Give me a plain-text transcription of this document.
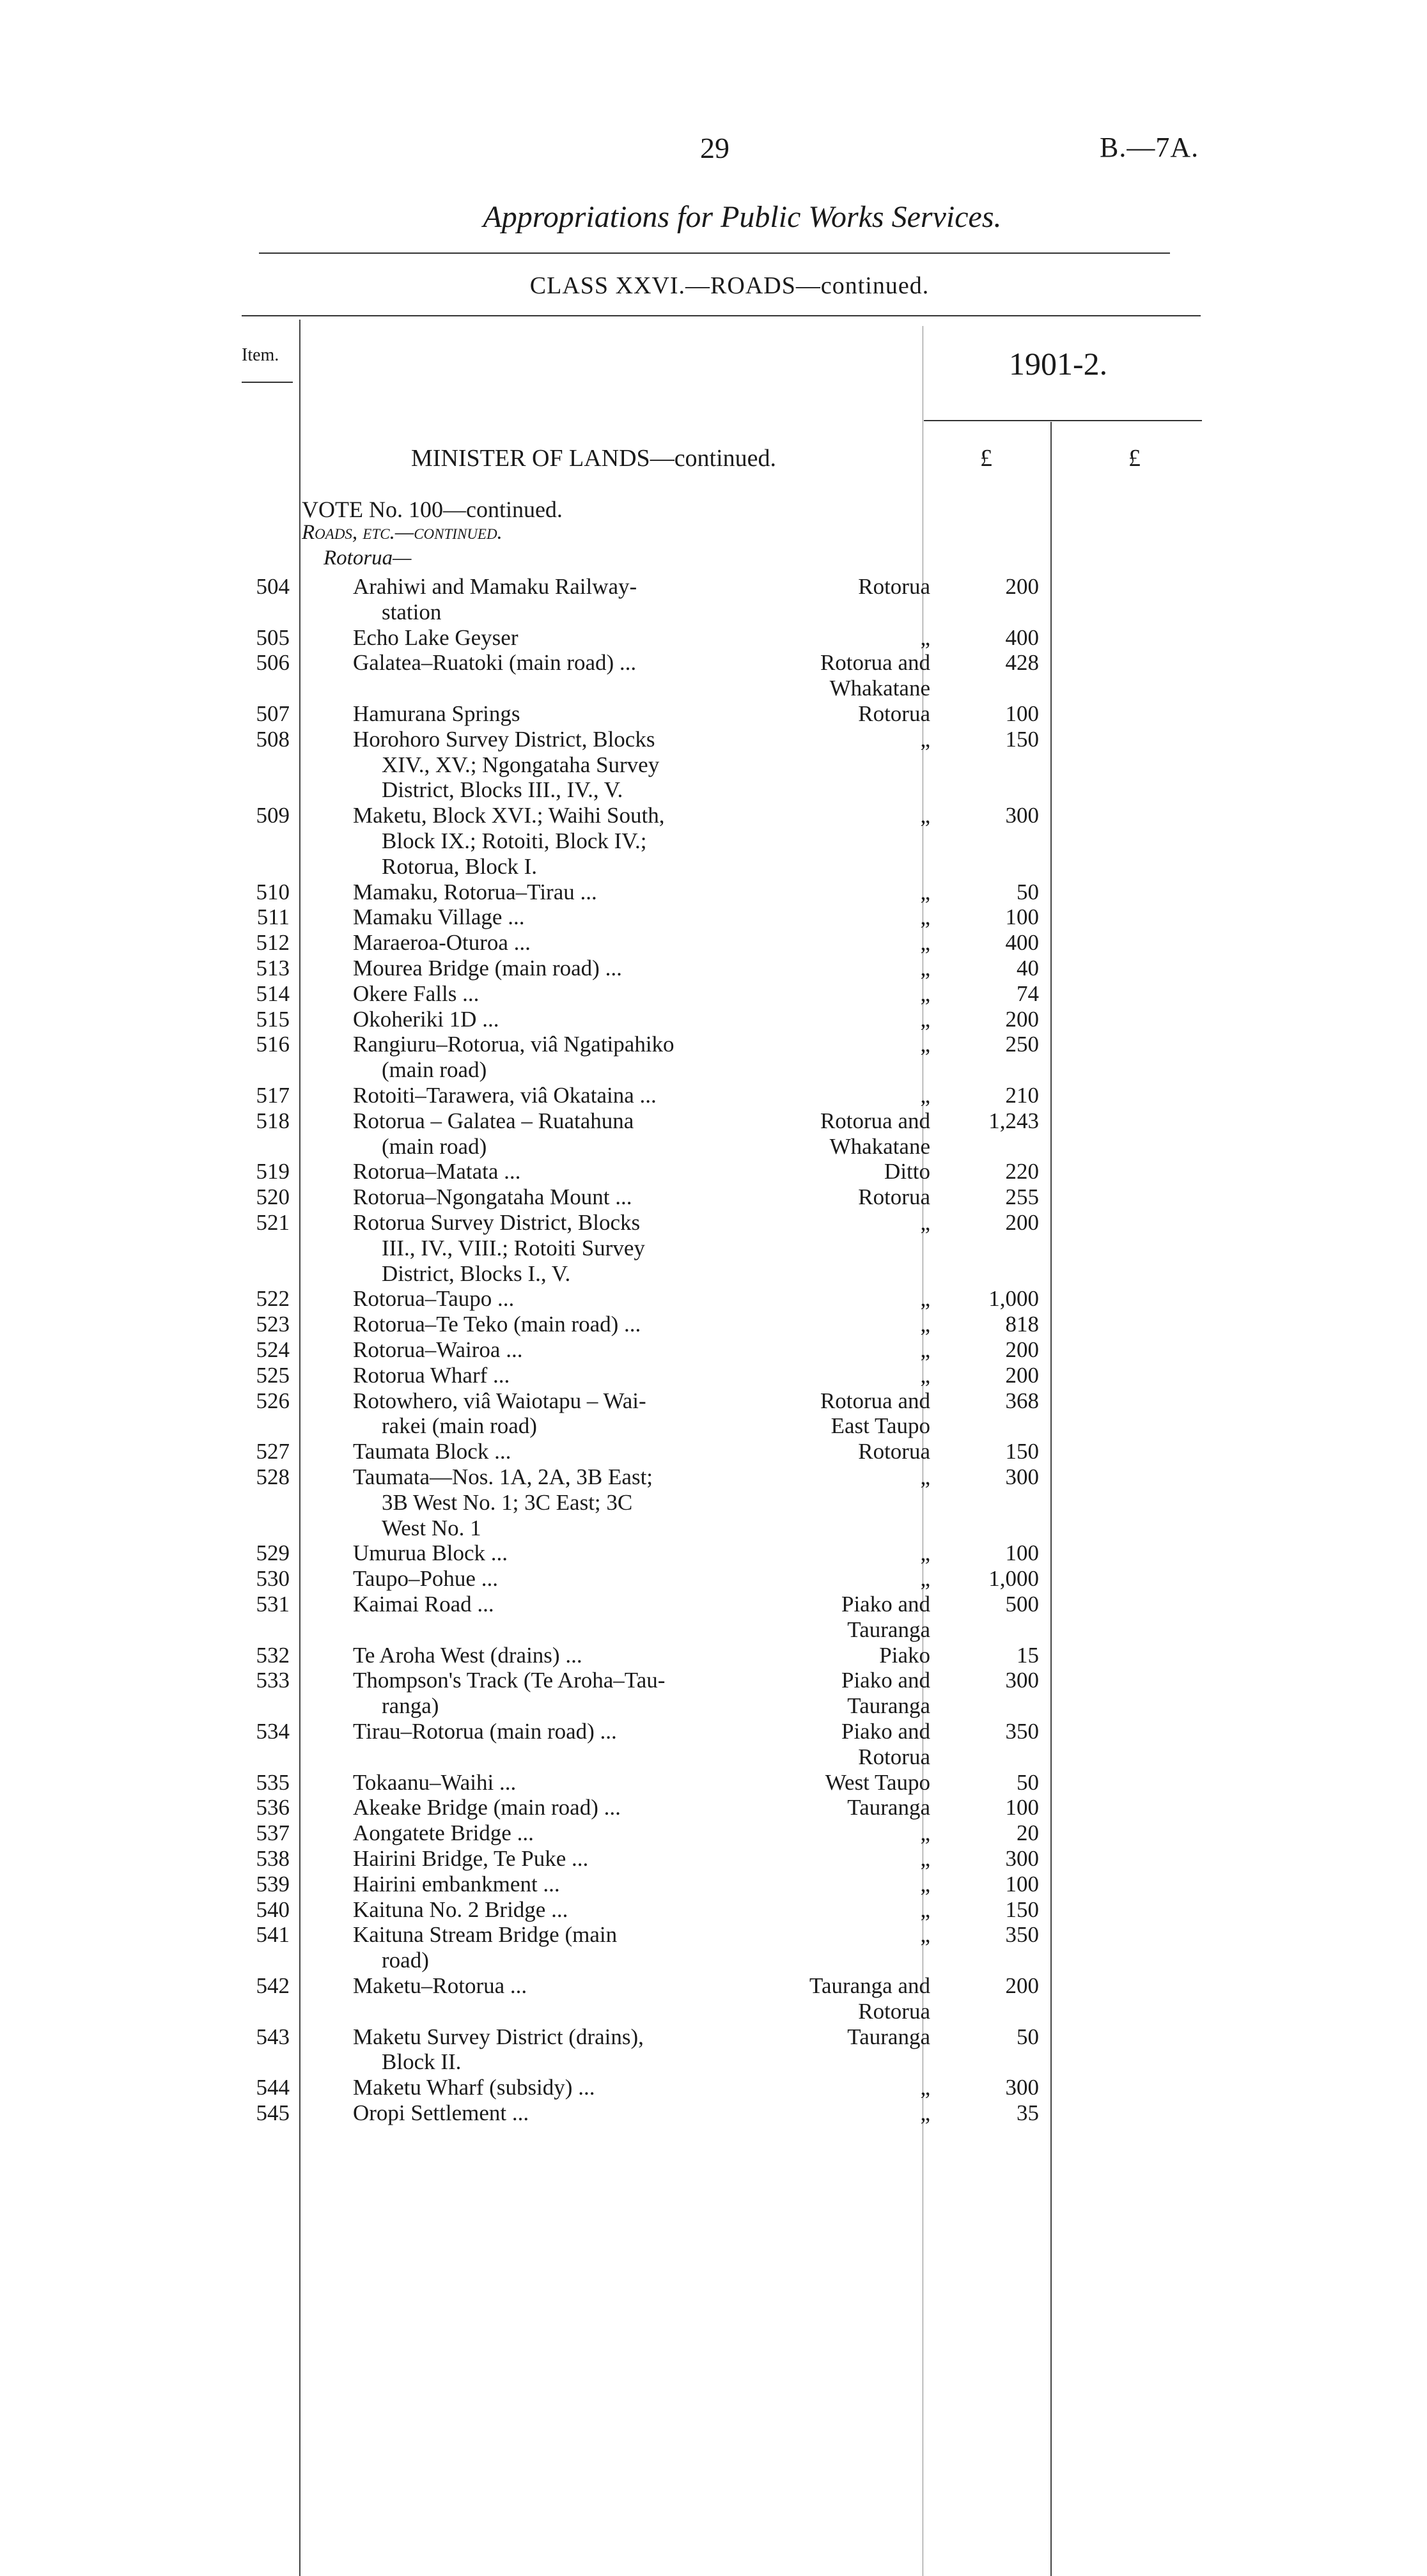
29	B.—7A.
Appropriations for Public Works Services.
CLASS XXVI.—ROADS—continued.
Item.	1901-2.
MINISTER OF LANDS—continued.	£	£
VOTE No. 100—continued.
Roads, etc.—continued.
Rotorua—
504	Arahiwi and Mamaku Railway-	Rotorua	200
station
505	Echo Lake Geyser	„	400
506	Galatea–Ruatoki (main road) ...	Rotorua and	428
Whakatane
507	Hamurana Springs	Rotorua	100
508	Horohoro Survey District, Blocks	„	150
XIV., XV.; Ngongataha Survey
District, Blocks III., IV., V.
509	Maketu, Block XVI.; Waihi South,	„	300
Block IX.; Rotoiti, Block IV.;
Rotorua, Block I.
510	Mamaku, Rotorua–Tirau ...	„	50
511	Mamaku Village ...	„	100
512	Maraeroa-Oturoa ...	„	400
513	Mourea Bridge (main road) ...	„	40
514	Okere Falls ...	„	74
515	Okoheriki 1D ...	„	200
516	Rangiuru–Rotorua, viâ Ngatipahiko	„	250
(main road)
517	Rotoiti–Tarawera, viâ Okataina ...	„	210
518	Rotorua – Galatea – Ruatahuna	Rotorua and	1,243
(main road)	Whakatane
519	Rotorua–Matata ...	Ditto	220
520	Rotorua–Ngongataha Mount ...	Rotorua	255
521	Rotorua Survey District, Blocks	„	200
III., IV., VIII.; Rotoiti Survey
District, Blocks I., V.
522	Rotorua–Taupo ...	„	1,000
523	Rotorua–Te Teko (main road) ...	„	818
524	Rotorua–Wairoa ...	„	200
525	Rotorua Wharf ...	„	200
526	Rotowhero, viâ Waiotapu – Wai-	Rotorua and	368
rakei (main road)	East Taupo
527	Taumata Block ...	Rotorua	150
528	Taumata—Nos. 1A, 2A, 3B East;	„	300
3B West No. 1; 3C East; 3C
West No. 1
529	Umurua Block ...	„	100
530	Taupo–Pohue ...	„	1,000
531	Kaimai Road ...	Piako and	500
Tauranga
532	Te Aroha West (drains) ...	Piako	15
533	Thompson's Track (Te Aroha–Tau-	Piako and	300
ranga)	Tauranga
534	Tirau–Rotorua (main road) ...	Piako and	350
Rotorua
535	Tokaanu–Waihi ...	West Taupo	50
536	Akeake Bridge (main road) ...	Tauranga	100
537	Aongatete Bridge ...	„	20
538	Hairini Bridge, Te Puke ...	„	300
539	Hairini embankment ...	„	100
540	Kaituna No. 2 Bridge ...	„	150
541	Kaituna Stream Bridge (main	„	350
road)
542	Maketu–Rotorua ...	Tauranga and	200
Rotorua
543	Maketu Survey District (drains),	Tauranga	50
Block II.
544	Maketu Wharf (subsidy) ...	„	300
545	Oropi Settlement ...	„	35
